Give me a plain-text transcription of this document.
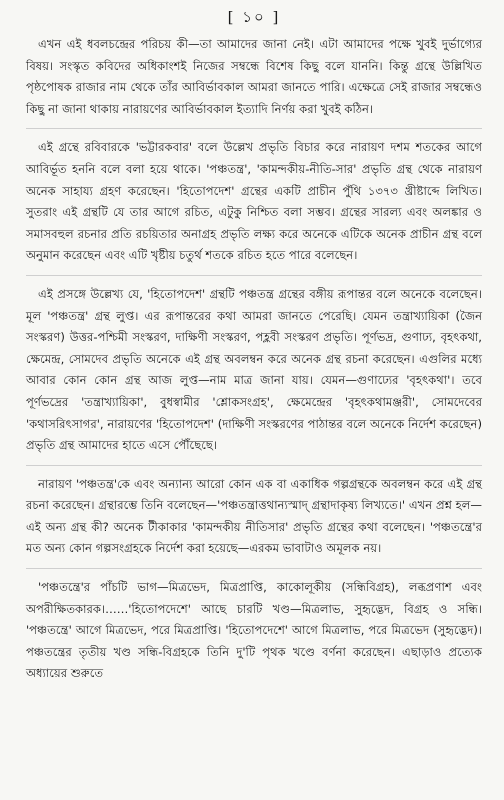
[ ১০ ]

এখন এই ধবলচন্দ্রের পরিচয় কী—তা আমাদের জানা নেই। এটা আমাদের পক্ষে খুবই দুর্ভাগ্যের বিষয়। সংস্কৃত কবিদের অধিকাংশই নিজের সম্বন্ধে বিশেষ কিছু বলে যাননি। কিন্তু গ্রন্থে উল্লিখিত পৃষ্ঠপোষক রাজার নাম থেকে তাঁর আবির্ভাবকাল আমরা জানতে পারি। এক্ষেত্রে সেই রাজার সম্বন্ধেও কিছু না জানা থাকায় নারায়ণের আবির্ভাবকাল ইত্যাদি নির্ণয় করা খুবই কঠিন।

এই গ্রন্থে রবিবারকে 'ভট্টারকবার' বলে উল্লেখ প্রভৃতি বিচার করে নারায়ণ দশম শতকের আগে আবির্ভূত হননি বলে বলা হয়ে থাকে। 'পঞ্চতন্ত্র', 'কামন্দকীয়-নীতি-সার' প্রভৃতি গ্রন্থ থেকে নারায়ণ অনেক সাহায্য গ্রহণ করেছেন। 'হিতোপদেশ' গ্রন্থের একটি প্রাচীন পুঁথি ১৩৭৩ খ্রীষ্টাব্দে লিখিত। সুতরাং এই গ্রন্থটি যে তার আগে রচিত, এটুকু নিশ্চিত বলা সম্ভব। গ্রন্থের সারল্য এবং অলঙ্কার ও সমাসবহুল রচনার প্রতি রচয়িতার অনাগ্রহ প্রভৃতি লক্ষ্য করে অনেকে এটিকে অনেক প্রাচীন গ্রন্থ বলে অনুমান করেছেন এবং এটি খৃষ্টীয় চতুর্থ শতকে রচিত হতে পারে বলেছেন।

এই প্রসঙ্গে উল্লেখ্য যে, 'হিতোপদেশ' গ্রন্থটি পঞ্চতন্ত্র গ্রন্থের বঙ্গীয় রূপান্তর বলে অনেকে বলেছেন। মূল 'পঞ্চতন্ত্র' গ্রন্থ লুপ্ত। এর রূপান্তরের কথা আমরা জানতে পেরেছি। যেমন তন্ত্রাখ্যায়িকা (জৈন সংস্করণ) উত্তর-পশ্চিমী সংস্করণ, দাক্ষিণী সংস্করণ, পহ্লবী সংস্করণ প্রভৃতি। পূর্ণভদ্র, গুণাঢ্য, বৃহৎকথা, ক্ষেমেন্দ্র, সোমদেব প্রভৃতি অনেকে এই গ্রন্থ অবলম্বন করে অনেক গ্রন্থ রচনা করেছেন। এগুলির মধ্যে আবার কোন কোন গ্রন্থ আজ লুপ্ত—নাম মাত্র জানা যায়। যেমন—গুণাঢ্যের 'বৃহৎকথা'। তবে পূর্ণভদ্রের 'তন্ত্রাখ্যায়িকা', বুধস্বামীর 'শ্লোকসংগ্রহ', ক্ষেমেন্দ্রের 'বৃহৎকথামঞ্জরী', সোমদেবের 'কথাসরিৎসাগর', নারায়ণের 'হিতোপদেশ' (দাক্ষিণী সংস্করণের পাঠান্তর বলে অনেকে নির্দেশ করেছেন) প্রভৃতি গ্রন্থ আমাদের হাতে এসে পৌঁছেছে।

নারায়ণ 'পঞ্চতন্ত্র'কে এবং অন্যান্য আরো কোন এক বা একাধিক গল্পগ্রন্থকে অবলম্বন করে এই গ্রন্থ রচনা করেছেন। গ্রন্থারম্ভে তিনি বলেছেন—'পঞ্চতন্ত্রাত্তথান্যস্মাদ্ গ্রন্থাদাকৃষ্য লিখ্যতে।' এখন প্রশ্ন হল—এই অন্য গ্রন্থ কী? অনেক টীকাকার 'কামন্দকীয় নীতিসার' প্রভৃতি গ্রন্থের কথা বলেছেন। 'পঞ্চতন্ত্রে'র মত অন্য কোন গল্পসংগ্রহকে নির্দেশ করা হয়েছে—এরকম ভাবাটাও অমূলক নয়।

'পঞ্চতন্ত্রে'র পাঁচটি ভাগ—মিত্রভেদ, মিত্রপ্রাপ্তি, কাকোলূকীয় (সন্ধিবিগ্রহ), লব্ধপ্রণাশ এবং অপরীক্ষিতকারক।……'হিতোপদেশে' আছে চারটি খণ্ড—মিত্রলাভ, সুহৃদ্ভেদ, বিগ্রহ ও সন্ধি। 'পঞ্চতন্ত্রে' আগে মিত্রভেদ, পরে মিত্রপ্রাপ্তি। 'হিতোপদেশে' আগে মিত্রলাভ, পরে মিত্রভেদ (সুহৃদ্ভেদ)। পঞ্চতন্ত্রের তৃতীয় খণ্ড সন্ধি-বিগ্রহকে তিনি দু'টি পৃথক খণ্ডে বর্ণনা করেছেন। এছাড়াও প্রত্যেক অধ্যায়ের শুরুতে
